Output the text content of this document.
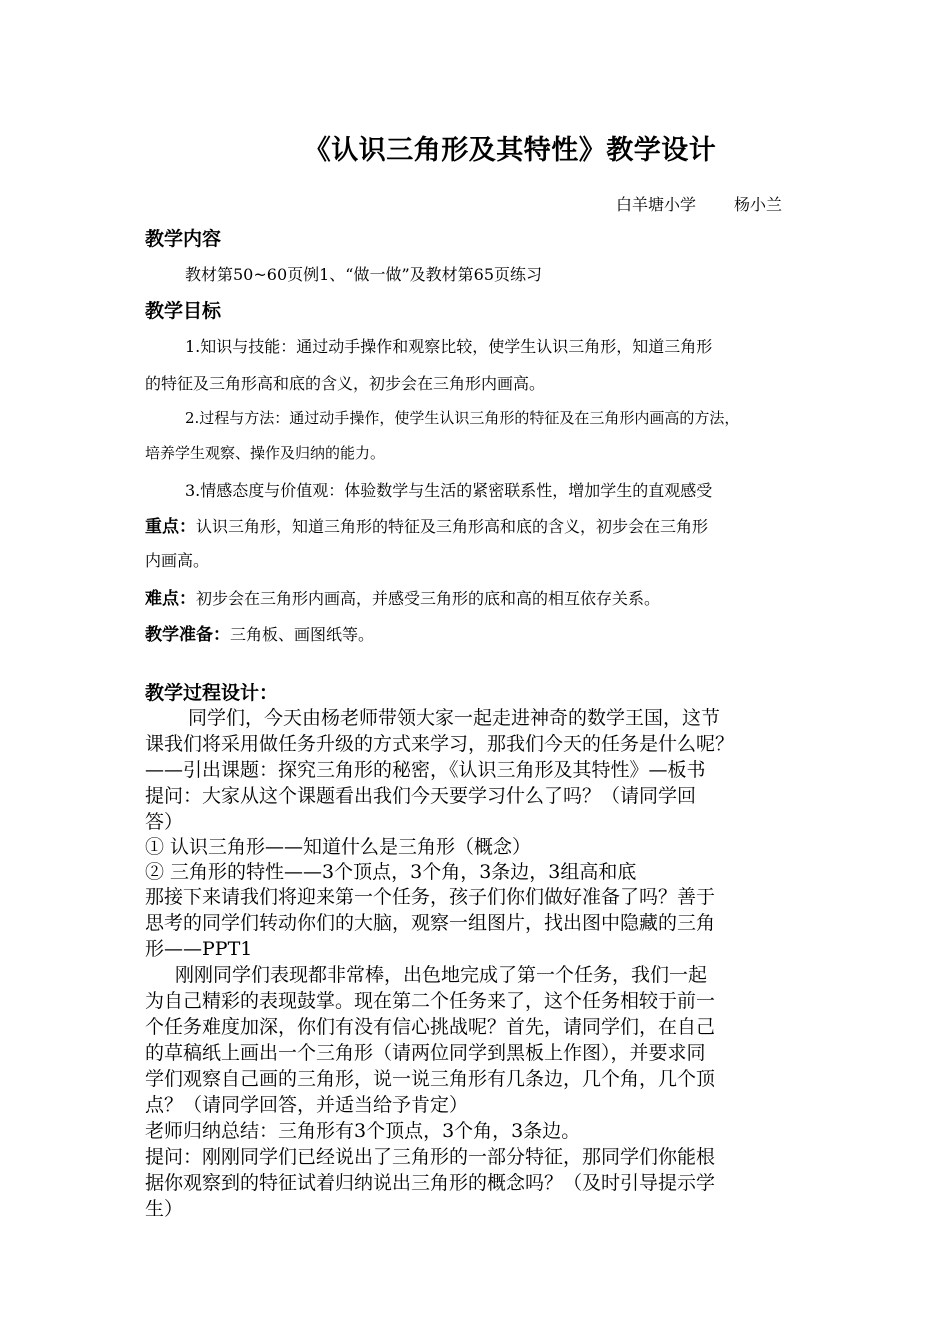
《认识三角形及其特性》教学设计
白羊塘小学 杨小兰
教学内容
教材第50~60页例1、“做一做”及教材第65页练习
教学目标
1.知识与技能：通过动手操作和观察比较，使学生认识三角形，知道三角形
的特征及三角形高和底的含义，初步会在三角形内画高。
2.过程与方法：通过动手操作，使学生认识三角形的特征及在三角形内画高的方法，
培养学生观察、操作及归纳的能力。
3.情感态度与价值观：体验数学与生活的紧密联系性，增加学生的直观感受
重点：认识三角形，知道三角形的特征及三角形高和底的含义，初步会在三角形
内画高。
难点：初步会在三角形内画高，并感受三角形的底和高的相互依存关系。
教学准备：三角板、画图纸等。
教学过程设计：
同学们，今天由杨老师带领大家一起走进神奇的数学王国，这节
课我们将采用做任务升级的方式来学习，那我们今天的任务是什么呢？
——引出课题：探究三角形的秘密，《认识三角形及其特性》—板书
提问：大家从这个课题看出我们今天要学习什么了吗？（请同学回
答）
① 认识三角形——知道什么是三角形（概念）
② 三角形的特性——3个顶点，3个角，3条边，3组高和底
那接下来请我们将迎来第一个任务，孩子们你们做好准备了吗？善于
思考的同学们转动你们的大脑，观察一组图片，找出图中隐藏的三角
形——PPT1
刚刚同学们表现都非常棒，出色地完成了第一个任务，我们一起
为自己精彩的表现鼓掌。现在第二个任务来了，这个任务相较于前一
个任务难度加深，你们有没有信心挑战呢？首先，请同学们，在自己
的草稿纸上画出一个三角形（请两位同学到黑板上作图），并要求同
学们观察自己画的三角形，说一说三角形有几条边，几个角，几个顶
点？（请同学回答，并适当给予肯定）
老师归纳总结：三角形有3个顶点，3个角，3条边。
提问：刚刚同学们已经说出了三角形的一部分特征，那同学们你能根
据你观察到的特征试着归纳说出三角形的概念吗？（及时引导提示学
生）
